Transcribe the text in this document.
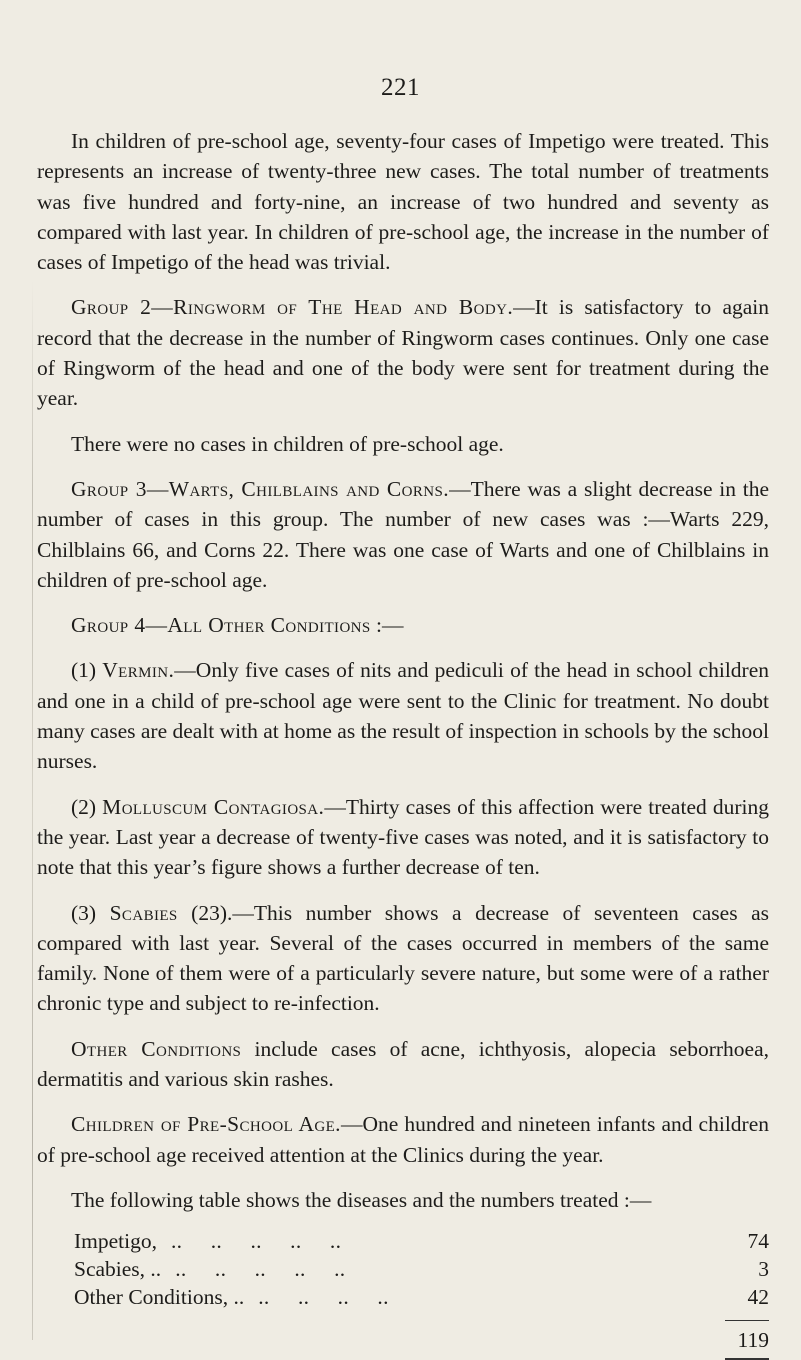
221

In children of pre-school age, seventy-four cases of Impetigo were treated. This represents an increase of twenty-three new cases. The total number of treatments was five hundred and forty-nine, an increase of two hundred and seventy as compared with last year. In children of pre-school age, the increase in the number of cases of Impetigo of the head was trivial.

Group 2—Ringworm of The Head and Body.—It is satisfactory to again record that the decrease in the number of Ringworm cases continues. Only one case of Ringworm of the head and one of the body were sent for treatment during the year.

There were no cases in children of pre-school age.

Group 3—Warts, Chilblains and Corns.—There was a slight decrease in the number of cases in this group. The number of new cases was :—Warts 229, Chilblains 66, and Corns 22. There was one case of Warts and one of Chilblains in children of pre-school age.

Group 4—All Other Conditions :—

(1) Vermin.—Only five cases of nits and pediculi of the head in school children and one in a child of pre-school age were sent to the Clinic for treatment. No doubt many cases are dealt with at home as the result of inspection in schools by the school nurses.

(2) Molluscum Contagiosa.—Thirty cases of this affection were treated during the year. Last year a decrease of twenty-five cases was noted, and it is satisfactory to note that this year’s figure shows a further decrease of ten.

(3) Scabies (23).—This number shows a decrease of seventeen cases as compared with last year. Several of the cases occurred in members of the same family. None of them were of a particularly severe nature, but some were of a rather chronic type and subject to re-infection.

Other Conditions include cases of acne, ichthyosis, alopecia seborrhoea, dermatitis and various skin rashes.

Children of Pre-School Age.—One hundred and nineteen infants and children of pre-school age received attention at the Clinics during the year.

The following table shows the diseases and the numbers treated :—
Impetigo, ..     ..     ..     ..     ..	74
Scabies, .. ..     ..     ..     ..     ..	3
Other Conditions, .. ..     ..     ..     ..	42
119
